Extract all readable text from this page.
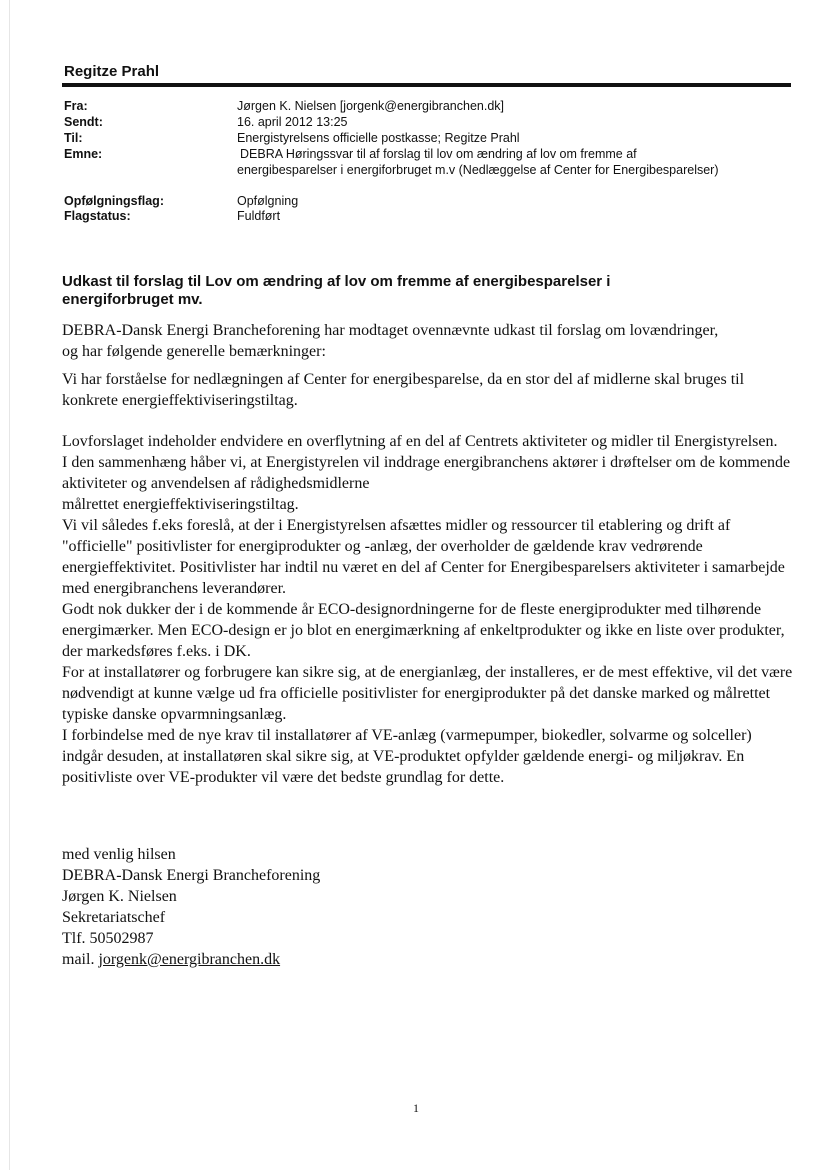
Regitze Prahl
Fra:
Sendt:
Til:
Emne:
Jørgen K. Nielsen [jorgenk@energibranchen.dk]
16. april 2012 13:25
Energistyrelsens officielle postkasse; Regitze Prahl
DEBRA Høringssvar til af forslag til lov om ændring af lov om fremme af
energibesparelser i energiforbruget m.v (Nedlæggelse af Center for Energibesparelser)
Opfølgningsflag:
Flagstatus:
Opfølgning
Fuldført
Udkast til forslag til Lov om ændring af lov om fremme af energibesparelser i
energiforbruget mv.

DEBRA-Dansk Energi Brancheforening har modtaget ovennævnte udkast til forslag om lovændringer, og har følgende generelle bemærkninger:

Vi har forståelse for nedlægningen af Center for energibesparelse, da en stor del af midlerne skal bruges til konkrete energieffektiviseringstiltag.

Lovforslaget indeholder endvidere en overflytning af en del af Centrets aktiviteter og midler til Energistyrelsen.

I den sammenhæng håber vi, at Energistyrelen vil inddrage energibranchens aktører i drøftelser om de kommende aktiviteter og anvendelsen af rådighedsmidlerne

målrettet energieffektiviseringstiltag.

Vi vil således f.eks foreslå, at der i Energistyrelsen afsættes midler og ressourcer til etablering og drift af "officielle" positivlister for energiprodukter og -anlæg, der overholder de gældende krav vedrørende energieffektivitet. Positivlister har indtil nu været en del af Center for Energibesparelsers aktiviteter i samarbejde med energibranchens leverandører.

Godt nok dukker der i de kommende år ECO-designordningerne for de fleste energiprodukter med tilhørende energimærker. Men ECO-design er jo blot en energimærkning af enkeltprodukter og ikke en liste over produkter, der markedsføres f.eks. i DK.

For at installatører og forbrugere kan sikre sig, at de energianlæg, der installeres, er de mest effektive, vil det være nødvendigt at kunne vælge ud fra officielle positivlister for energiprodukter på det danske marked og målrettet typiske danske opvarmningsanlæg.

I forbindelse med de nye krav til installatører af VE-anlæg (varmepumper, biokedler, solvarme og solceller) indgår desuden, at installatøren skal sikre sig, at VE-produktet opfylder gældende energi- og miljøkrav. En positivliste over VE-produkter vil være det bedste grundlag for dette.

med venlig hilsen
DEBRA-Dansk Energi Brancheforening
Jørgen K. Nielsen
Sekretariatschef
Tlf. 50502987
mail. jorgenk@energibranchen.dk
1
